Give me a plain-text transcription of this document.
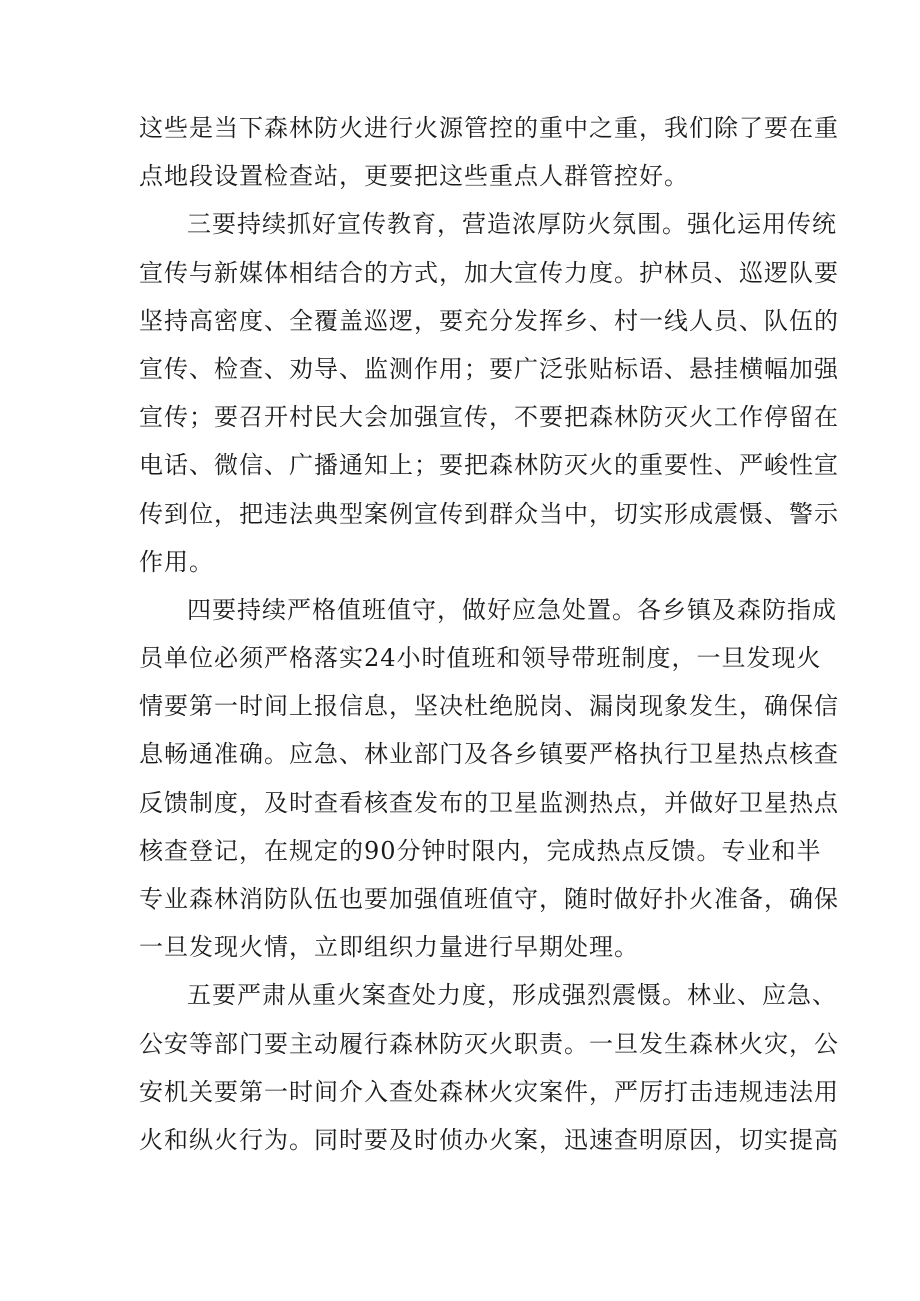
这些是当下森林防火进行火源管控的重中之重，我们除了要在重
点地段设置检查站，更要把这些重点人群管控好。
三要持续抓好宣传教育，营造浓厚防火氛围。强化运用传统
宣传与新媒体相结合的方式，加大宣传力度。护林员、巡逻队要
坚持高密度、全覆盖巡逻，要充分发挥乡、村一线人员、队伍的
宣传、检查、劝导、监测作用；要广泛张贴标语、悬挂横幅加强
宣传；要召开村民大会加强宣传，不要把森林防灭火工作停留在
电话、微信、广播通知上；要把森林防灭火的重要性、严峻性宣
传到位，把违法典型案例宣传到群众当中，切实形成震慑、警示
作用。
四要持续严格值班值守，做好应急处置。各乡镇及森防指成
员单位必须严格落实24小时值班和领导带班制度，一旦发现火
情要第一时间上报信息，坚决杜绝脱岗、漏岗现象发生，确保信
息畅通准确。应急、林业部门及各乡镇要严格执行卫星热点核查
反馈制度，及时查看核查发布的卫星监测热点，并做好卫星热点
核查登记，在规定的90分钟时限内，完成热点反馈。专业和半
专业森林消防队伍也要加强值班值守，随时做好扑火准备，确保
一旦发现火情，立即组织力量进行早期处理。
五要严肃从重火案查处力度，形成强烈震慑。林业、应急、
公安等部门要主动履行森林防灭火职责。一旦发生森林火灾，公
安机关要第一时间介入查处森林火灾案件，严厉打击违规违法用
火和纵火行为。同时要及时侦办火案，迅速查明原因，切实提高
